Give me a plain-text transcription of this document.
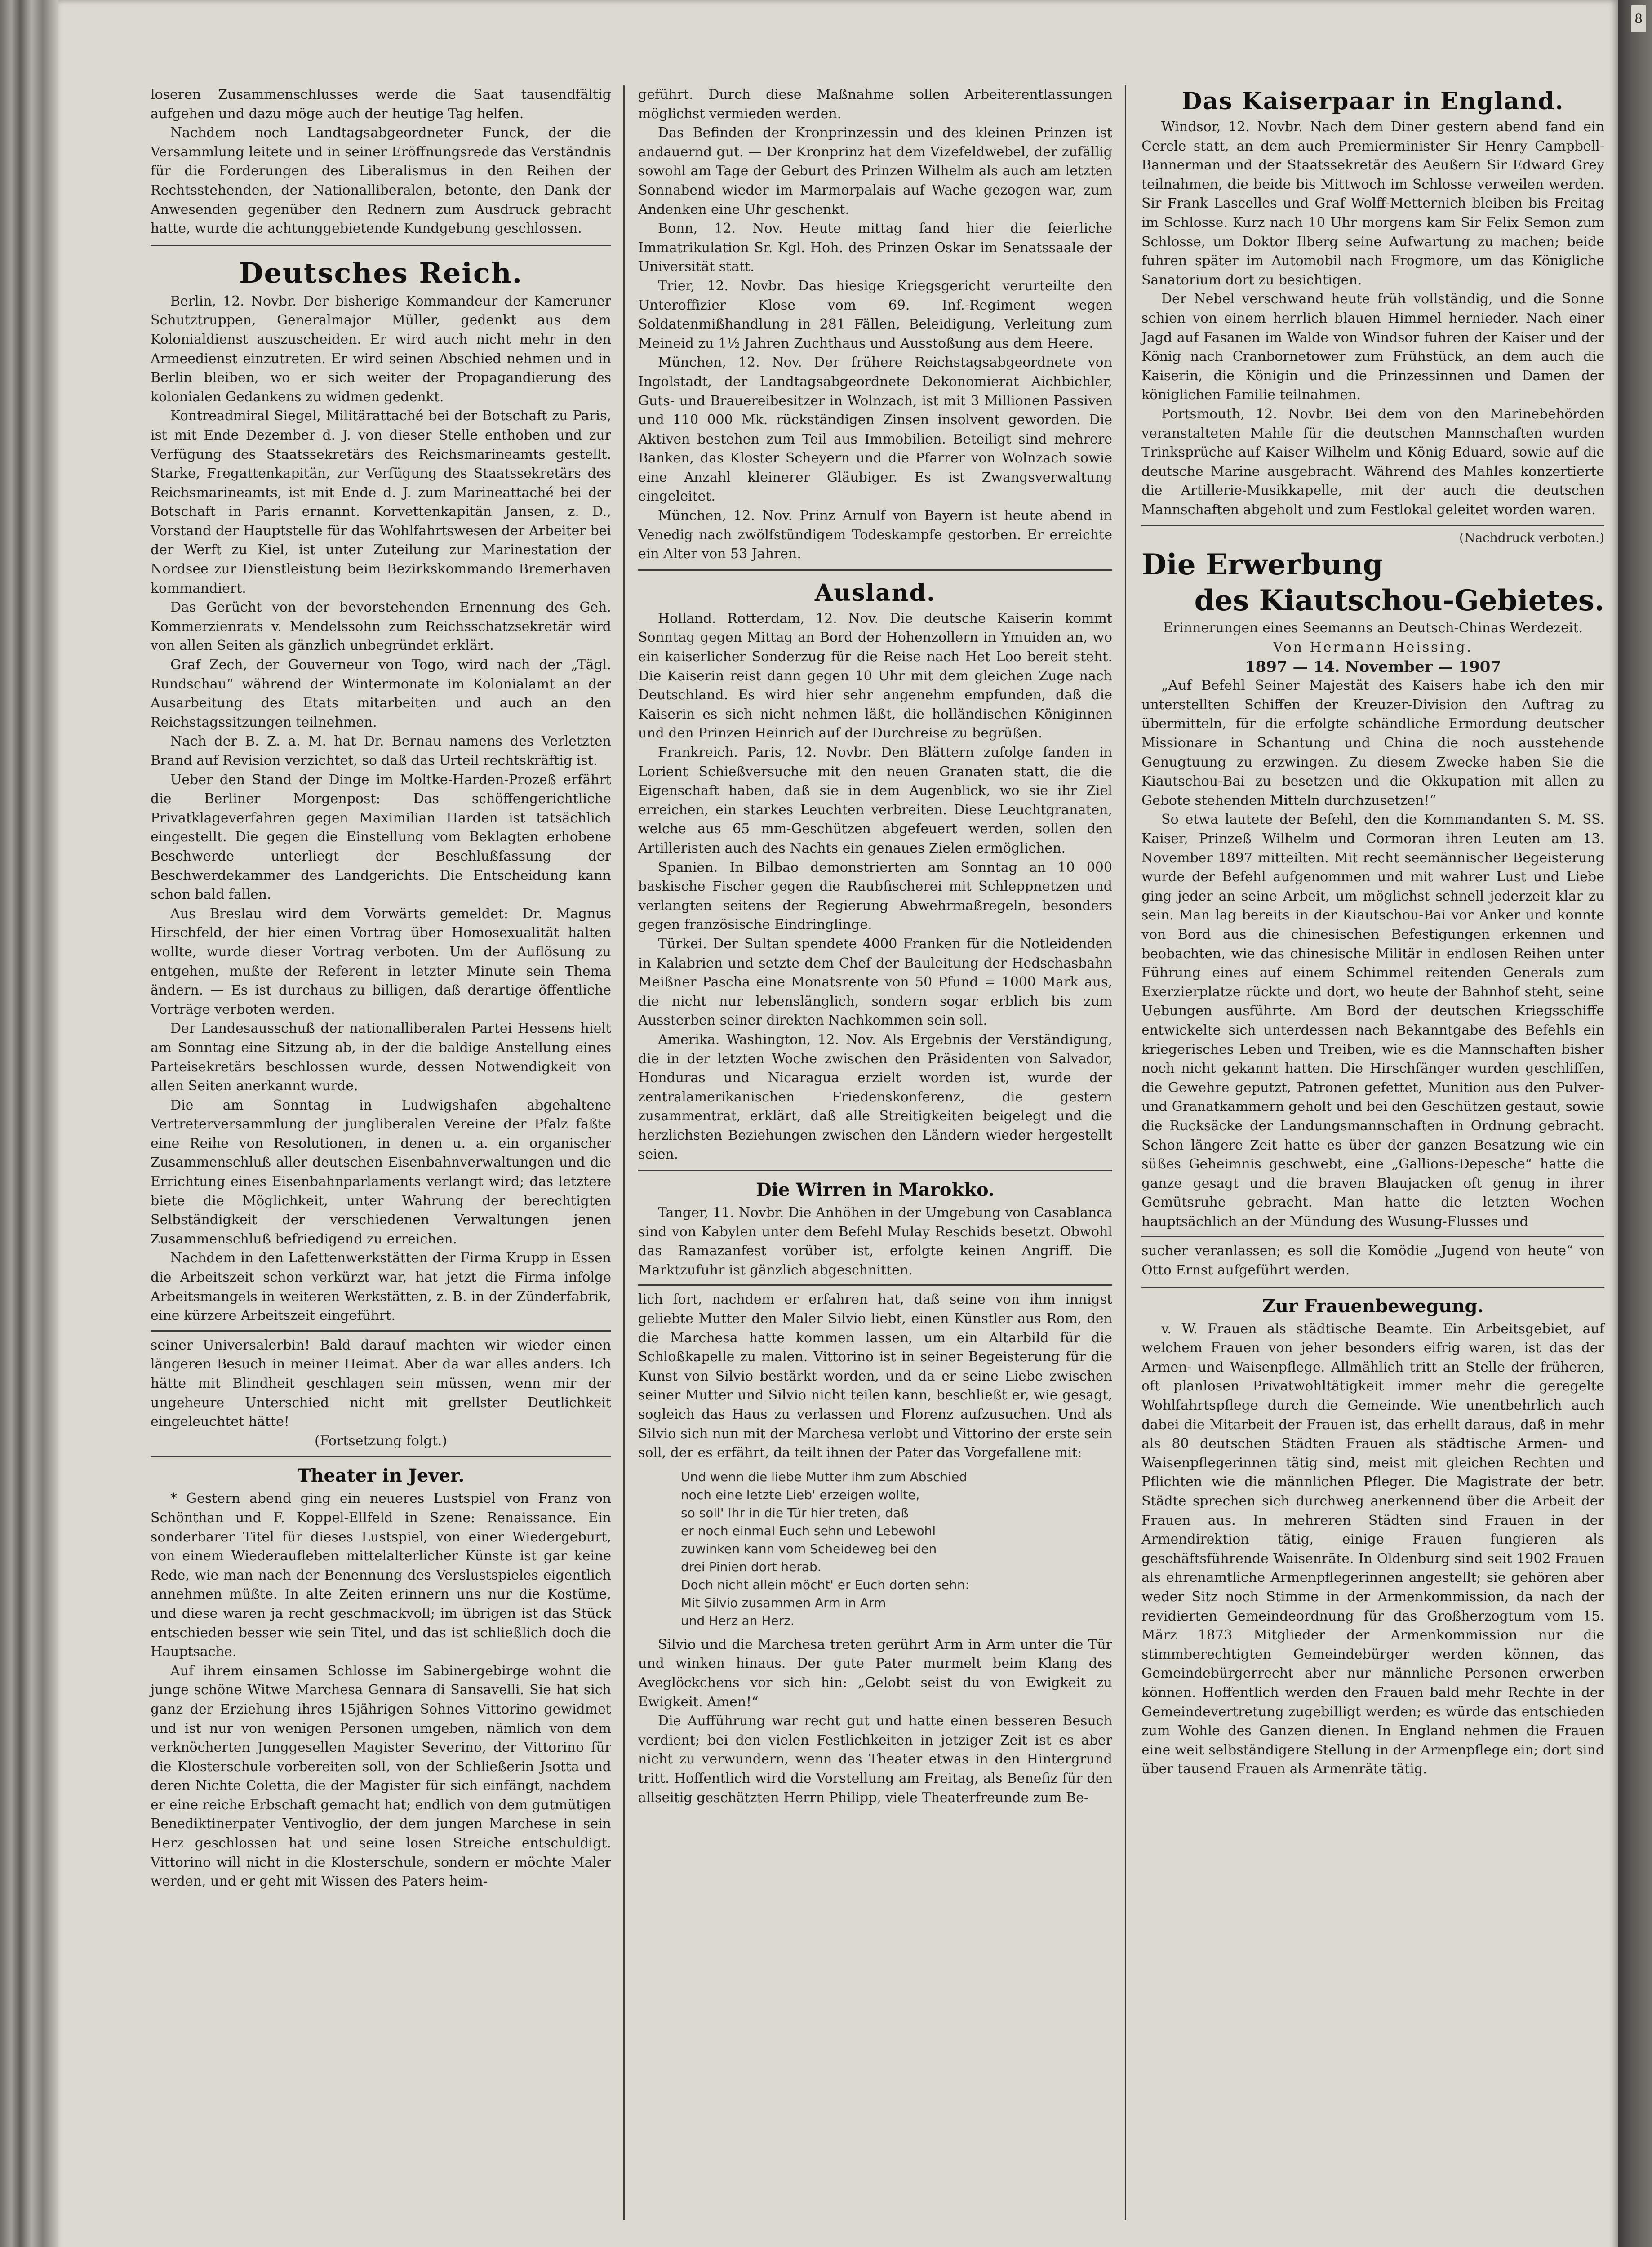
loseren Zusammenschlusses werde die Saat tausendfältig aufgehen und dazu möge auch der heutige Tag helfen.

Nachdem noch Landtagsabgeordneter Funck, der die Versammlung leitete und in seiner Eröffnungsrede das Verständnis für die Forderungen des Liberalismus in den Reihen der Rechtsstehenden, der Nationalliberalen, betonte, den Dank der Anwesenden gegenüber den Rednern zum Ausdruck gebracht hatte, wurde die achtunggebietende Kundgebung geschlossen.

Deutsches Reich.

Berlin, 12. Novbr. Der bisherige Kommandeur der Kameruner Schutztruppen, Generalmajor Müller, gedenkt aus dem Kolonialdienst auszuscheiden. Er wird auch nicht mehr in den Armeedienst einzutreten. Er wird seinen Abschied nehmen und in Berlin bleiben, wo er sich weiter der Propagandierung des kolonialen Gedankens zu widmen gedenkt.

Kontreadmiral Siegel, Militärattaché bei der Botschaft zu Paris, ist mit Ende Dezember d. J. von dieser Stelle enthoben und zur Verfügung des Staatssekretärs des Reichsmarineamts gestellt. Starke, Fregattenkapitän, zur Verfügung des Staatssekretärs des Reichsmarineamts, ist mit Ende d. J. zum Marineattaché bei der Botschaft in Paris ernannt. Korvettenkapitän Jansen, z. D., Vorstand der Hauptstelle für das Wohlfahrtswesen der Arbeiter bei der Werft zu Kiel, ist unter Zuteilung zur Marinestation der Nordsee zur Dienstleistung beim Bezirkskommando Bremerhaven kommandiert.

Das Gerücht von der bevorstehenden Ernennung des Geh. Kommerzienrats v. Mendelssohn zum Reichsschatzsekretär wird von allen Seiten als gänzlich unbegründet erklärt.

Graf Zech, der Gouverneur von Togo, wird nach der „Tägl. Rundschau“ während der Wintermonate im Kolonialamt an der Ausarbeitung des Etats mitarbeiten und auch an den Reichstagssitzungen teilnehmen.

Nach der B. Z. a. M. hat Dr. Bernau namens des Verletzten Brand auf Revision verzichtet, so daß das Urteil rechtskräftig ist.

Ueber den Stand der Dinge im Moltke-Harden-Prozeß erfährt die Berliner Morgenpost: Das schöffengerichtliche Privatklageverfahren gegen Maximilian Harden ist tatsächlich eingestellt. Die gegen die Einstellung vom Beklagten erhobene Beschwerde unterliegt der Beschlußfassung der Beschwerdekammer des Landgerichts. Die Entscheidung kann schon bald fallen.

Aus Breslau wird dem Vorwärts gemeldet: Dr. Magnus Hirschfeld, der hier einen Vortrag über Homosexualität halten wollte, wurde dieser Vortrag verboten. Um der Auflösung zu entgehen, mußte der Referent in letzter Minute sein Thema ändern. — Es ist durchaus zu billigen, daß derartige öffentliche Vorträge verboten werden.

Der Landesausschuß der nationalliberalen Partei Hessens hielt am Sonntag eine Sitzung ab, in der die baldige Anstellung eines Parteisekretärs beschlossen wurde, dessen Notwendigkeit von allen Seiten anerkannt wurde.

Die am Sonntag in Ludwigshafen abgehaltene Vertreterversammlung der jungliberalen Vereine der Pfalz faßte eine Reihe von Resolutionen, in denen u. a. ein organischer Zusammenschluß aller deutschen Eisenbahnverwaltungen und die Errichtung eines Eisenbahnparlaments verlangt wird; das letztere biete die Möglichkeit, unter Wahrung der berechtigten Selbständigkeit der verschiedenen Verwaltungen jenen Zusammenschluß befriedigend zu erreichen.

Nachdem in den Lafettenwerkstätten der Firma Krupp in Essen die Arbeitszeit schon verkürzt war, hat jetzt die Firma infolge Arbeitsmangels in weiteren Werkstätten, z. B. in der Zünderfabrik, eine kürzere Arbeitszeit eingeführt.

seiner Universalerbin! Bald darauf machten wir wieder einen längeren Besuch in meiner Heimat. Aber da war alles anders. Ich hätte mit Blindheit geschlagen sein müssen, wenn mir der ungeheure Unterschied nicht mit grellster Deutlichkeit eingeleuchtet hätte!

(Fortsetzung folgt.)

Theater in Jever.

* Gestern abend ging ein neueres Lustspiel von Franz von Schönthan und F. Koppel-Ellfeld in Szene: Renaissance. Ein sonderbarer Titel für dieses Lustspiel, von einer Wiedergeburt, von einem Wiederaufleben mittelalterlicher Künste ist gar keine Rede, wie man nach der Benennung des Verslustspieles eigentlich annehmen müßte. In alte Zeiten erinnern uns nur die Kostüme, und diese waren ja recht geschmackvoll; im übrigen ist das Stück entschieden besser wie sein Titel, und das ist schließlich doch die Hauptsache.

Auf ihrem einsamen Schlosse im Sabinergebirge wohnt die junge schöne Witwe Marchesa Gennara di Sansavelli. Sie hat sich ganz der Erziehung ihres 15jährigen Sohnes Vittorino gewidmet und ist nur von wenigen Personen umgeben, nämlich von dem verknöcherten Junggesellen Magister Severino, der Vittorino für die Klosterschule vorbereiten soll, von der Schließerin Jsotta und deren Nichte Coletta, die der Magister für sich einfängt, nachdem er eine reiche Erbschaft gemacht hat; endlich von dem gutmütigen Benediktinerpater Ventivoglio, der dem jungen Marchese in sein Herz geschlossen hat und seine losen Streiche entschuldigt. Vittorino will nicht in die Klosterschule, sondern er möchte Maler werden, und er geht mit Wissen des Paters heim-

geführt. Durch diese Maßnahme sollen Arbeiterentlassungen möglichst vermieden werden.

Das Befinden der Kronprinzessin und des kleinen Prinzen ist andauernd gut. — Der Kronprinz hat dem Vizefeldwebel, der zufällig sowohl am Tage der Geburt des Prinzen Wilhelm als auch am letzten Sonnabend wieder im Marmorpalais auf Wache gezogen war, zum Andenken eine Uhr geschenkt.

Bonn, 12. Nov. Heute mittag fand hier die feierliche Immatrikulation Sr. Kgl. Hoh. des Prinzen Oskar im Senatssaale der Universität statt.

Trier, 12. Novbr. Das hiesige Kriegsgericht verurteilte den Unteroffizier Klose vom 69. Inf.-Regiment wegen Soldatenmißhandlung in 281 Fällen, Beleidigung, Verleitung zum Meineid zu 1½ Jahren Zuchthaus und Ausstoßung aus dem Heere.

München, 12. Nov. Der frühere Reichstagsabgeordnete von Ingolstadt, der Landtagsabgeordnete Dekonomierat Aichbichler, Guts- und Brauereibesitzer in Wolnzach, ist mit 3 Millionen Passiven und 110 000 Mk. rückständigen Zinsen insolvent geworden. Die Aktiven bestehen zum Teil aus Immobilien. Beteiligt sind mehrere Banken, das Kloster Scheyern und die Pfarrer von Wolnzach sowie eine Anzahl kleinerer Gläubiger. Es ist Zwangsverwaltung eingeleitet.

München, 12. Nov. Prinz Arnulf von Bayern ist heute abend in Venedig nach zwölfstündigem Todeskampfe gestorben. Er erreichte ein Alter von 53 Jahren.

Ausland.

Holland. Rotterdam, 12. Nov. Die deutsche Kaiserin kommt Sonntag gegen Mittag an Bord der Hohenzollern in Ymuiden an, wo ein kaiserlicher Sonderzug für die Reise nach Het Loo bereit steht. Die Kaiserin reist dann gegen 10 Uhr mit dem gleichen Zuge nach Deutschland. Es wird hier sehr angenehm empfunden, daß die Kaiserin es sich nicht nehmen läßt, die holländischen Königinnen und den Prinzen Heinrich auf der Durchreise zu begrüßen.

Frankreich. Paris, 12. Novbr. Den Blättern zufolge fanden in Lorient Schießversuche mit den neuen Granaten statt, die die Eigenschaft haben, daß sie in dem Augenblick, wo sie ihr Ziel erreichen, ein starkes Leuchten verbreiten. Diese Leuchtgranaten, welche aus 65 mm-Geschützen abgefeuert werden, sollen den Artilleristen auch des Nachts ein genaues Zielen ermöglichen.

Spanien. In Bilbao demonstrierten am Sonntag an 10 000 baskische Fischer gegen die Raubfischerei mit Schleppnetzen und verlangten seitens der Regierung Abwehrmaßregeln, besonders gegen französische Eindringlinge.

Türkei. Der Sultan spendete 4000 Franken für die Notleidenden in Kalabrien und setzte dem Chef der Bauleitung der Hedschasbahn Meißner Pascha eine Monatsrente von 50 Pfund = 1000 Mark aus, die nicht nur lebenslänglich, sondern sogar erblich bis zum Aussterben seiner direkten Nachkommen sein soll.

Amerika. Washington, 12. Nov. Als Ergebnis der Verständigung, die in der letzten Woche zwischen den Präsidenten von Salvador, Honduras und Nicaragua erzielt worden ist, wurde der zentralamerikanischen Friedenskonferenz, die gestern zusammentrat, erklärt, daß alle Streitigkeiten beigelegt und die herzlichsten Beziehungen zwischen den Ländern wieder hergestellt seien.

Die Wirren in Marokko.

Tanger, 11. Novbr. Die Anhöhen in der Umgebung von Casablanca sind von Kabylen unter dem Befehl Mulay Reschids besetzt. Obwohl das Ramazanfest vorüber ist, erfolgte keinen Angriff. Die Marktzufuhr ist gänzlich abgeschnitten.

lich fort, nachdem er erfahren hat, daß seine von ihm innigst geliebte Mutter den Maler Silvio liebt, einen Künstler aus Rom, den die Marchesa hatte kommen lassen, um ein Altarbild für die Schloßkapelle zu malen. Vittorino ist in seiner Begeisterung für die Kunst von Silvio bestärkt worden, und da er seine Liebe zwischen seiner Mutter und Silvio nicht teilen kann, beschließt er, wie gesagt, sogleich das Haus zu verlassen und Florenz aufzusuchen. Und als Silvio sich nun mit der Marchesa verlobt und Vittorino der erste sein soll, der es erfährt, da teilt ihnen der Pater das Vorgefallene mit:

Und wenn die liebe Mutter ihm zum Abschied
noch eine letzte Lieb' erzeigen wollte,
so soll' Ihr in die Tür hier treten, daß
er noch einmal Euch sehn und Lebewohl
zuwinken kann vom Scheideweg bei den
drei Pinien dort herab.
Doch nicht allein möcht' er Euch dorten sehn:
Mit Silvio zusammen Arm in Arm
und Herz an Herz.

Silvio und die Marchesa treten gerührt Arm in Arm unter die Tür und winken hinaus. Der gute Pater murmelt beim Klang des Aveglöckchens vor sich hin: „Gelobt seist du von Ewigkeit zu Ewigkeit. Amen!“

Die Aufführung war recht gut und hatte einen besseren Besuch verdient; bei den vielen Festlichkeiten in jetziger Zeit ist es aber nicht zu verwundern, wenn das Theater etwas in den Hintergrund tritt. Hoffentlich wird die Vorstellung am Freitag, als Benefiz für den allseitig geschätzten Herrn Philipp, viele Theaterfreunde zum Be-

Das Kaiserpaar in England.

Windsor, 12. Novbr. Nach dem Diner gestern abend fand ein Cercle statt, an dem auch Premierminister Sir Henry Campbell-Bannerman und der Staatssekretär des Aeußern Sir Edward Grey teilnahmen, die beide bis Mittwoch im Schlosse verweilen werden. Sir Frank Lascelles und Graf Wolff-Metternich bleiben bis Freitag im Schlosse. Kurz nach 10 Uhr morgens kam Sir Felix Semon zum Schlosse, um Doktor Ilberg seine Aufwartung zu machen; beide fuhren später im Automobil nach Frogmore, um das Königliche Sanatorium dort zu besichtigen.

Der Nebel verschwand heute früh vollständig, und die Sonne schien von einem herrlich blauen Himmel hernieder. Nach einer Jagd auf Fasanen im Walde von Windsor fuhren der Kaiser und der König nach Cranbornetower zum Frühstück, an dem auch die Kaiserin, die Königin und die Prinzessinnen und Damen der königlichen Familie teilnahmen.

Portsmouth, 12. Novbr. Bei dem von den Marinebehörden veranstalteten Mahle für die deutschen Mannschaften wurden Trinksprüche auf Kaiser Wilhelm und König Eduard, sowie auf die deutsche Marine ausgebracht. Während des Mahles konzertierte die Artillerie-Musikkapelle, mit der auch die deutschen Mannschaften abgeholt und zum Festlokal geleitet worden waren.

(Nachdruck verboten.)
Die Erwerbung
des Kiautschou-Gebietes.

Erinnerungen eines Seemanns an Deutsch-Chinas Werdezeit.

Von Hermann Heissing.

1897 — 14. November — 1907

„Auf Befehl Seiner Majestät des Kaisers habe ich den mir unterstellten Schiffen der Kreuzer-Division den Auftrag zu übermitteln, für die erfolgte schändliche Ermordung deutscher Missionare in Schantung und China die noch ausstehende Genugtuung zu erzwingen. Zu diesem Zwecke haben Sie die Kiautschou-Bai zu besetzen und die Okkupation mit allen zu Gebote stehenden Mitteln durchzusetzen!“

So etwa lautete der Befehl, den die Kommandanten S. M. SS. Kaiser, Prinzeß Wilhelm und Cormoran ihren Leuten am 13. November 1897 mitteilten. Mit recht seemännischer Begeisterung wurde der Befehl aufgenommen und mit wahrer Lust und Liebe ging jeder an seine Arbeit, um möglichst schnell jederzeit klar zu sein. Man lag bereits in der Kiautschou-Bai vor Anker und konnte von Bord aus die chinesischen Befestigungen erkennen und beobachten, wie das chinesische Militär in endlosen Reihen unter Führung eines auf einem Schimmel reitenden Generals zum Exerzierplatze rückte und dort, wo heute der Bahnhof steht, seine Uebungen ausführte. Am Bord der deutschen Kriegsschiffe entwickelte sich unterdessen nach Bekanntgabe des Befehls ein kriegerisches Leben und Treiben, wie es die Mannschaften bisher noch nicht gekannt hatten. Die Hirschfänger wurden geschliffen, die Gewehre geputzt, Patronen gefettet, Munition aus den Pulver- und Granatkammern geholt und bei den Geschützen gestaut, sowie die Rucksäcke der Landungsmannschaften in Ordnung gebracht. Schon längere Zeit hatte es über der ganzen Besatzung wie ein süßes Geheimnis geschwebt, eine „Gallions-Depesche“ hatte die ganze gesagt und die braven Blaujacken oft genug in ihrer Gemütsruhe gebracht. Man hatte die letzten Wochen hauptsächlich an der Mündung des Wusung-Flusses und

sucher veranlassen; es soll die Komödie „Jugend von heute“ von Otto Ernst aufgeführt werden.

Zur Frauenbewegung.

v. W. Frauen als städtische Beamte. Ein Arbeitsgebiet, auf welchem Frauen von jeher besonders eifrig waren, ist das der Armen- und Waisenpflege. Allmählich tritt an Stelle der früheren, oft planlosen Privatwohltätigkeit immer mehr die geregelte Wohlfahrtspflege durch die Gemeinde. Wie unentbehrlich auch dabei die Mitarbeit der Frauen ist, das erhellt daraus, daß in mehr als 80 deutschen Städten Frauen als städtische Armen- und Waisenpflegerinnen tätig sind, meist mit gleichen Rechten und Pflichten wie die männlichen Pfleger. Die Magistrate der betr. Städte sprechen sich durchweg anerkennend über die Arbeit der Frauen aus. In mehreren Städten sind Frauen in der Armendirektion tätig, einige Frauen fungieren als geschäftsführende Waisenräte. In Oldenburg sind seit 1902 Frauen als ehrenamtliche Armenpflegerinnen angestellt; sie gehören aber weder Sitz noch Stimme in der Armenkommission, da nach der revidierten Gemeindeordnung für das Großherzogtum vom 15. März 1873 Mitglieder der Armenkommission nur die stimmberechtigten Gemeindebürger werden können, das Gemeindebürgerrecht aber nur männliche Personen erwerben können. Hoffentlich werden den Frauen bald mehr Rechte in der Gemeindevertretung zugebilligt werden; es würde das entschieden zum Wohle des Ganzen dienen. In England nehmen die Frauen eine weit selbständigere Stellung in der Armenpflege ein; dort sind über tausend Frauen als Armenräte tätig.

8
